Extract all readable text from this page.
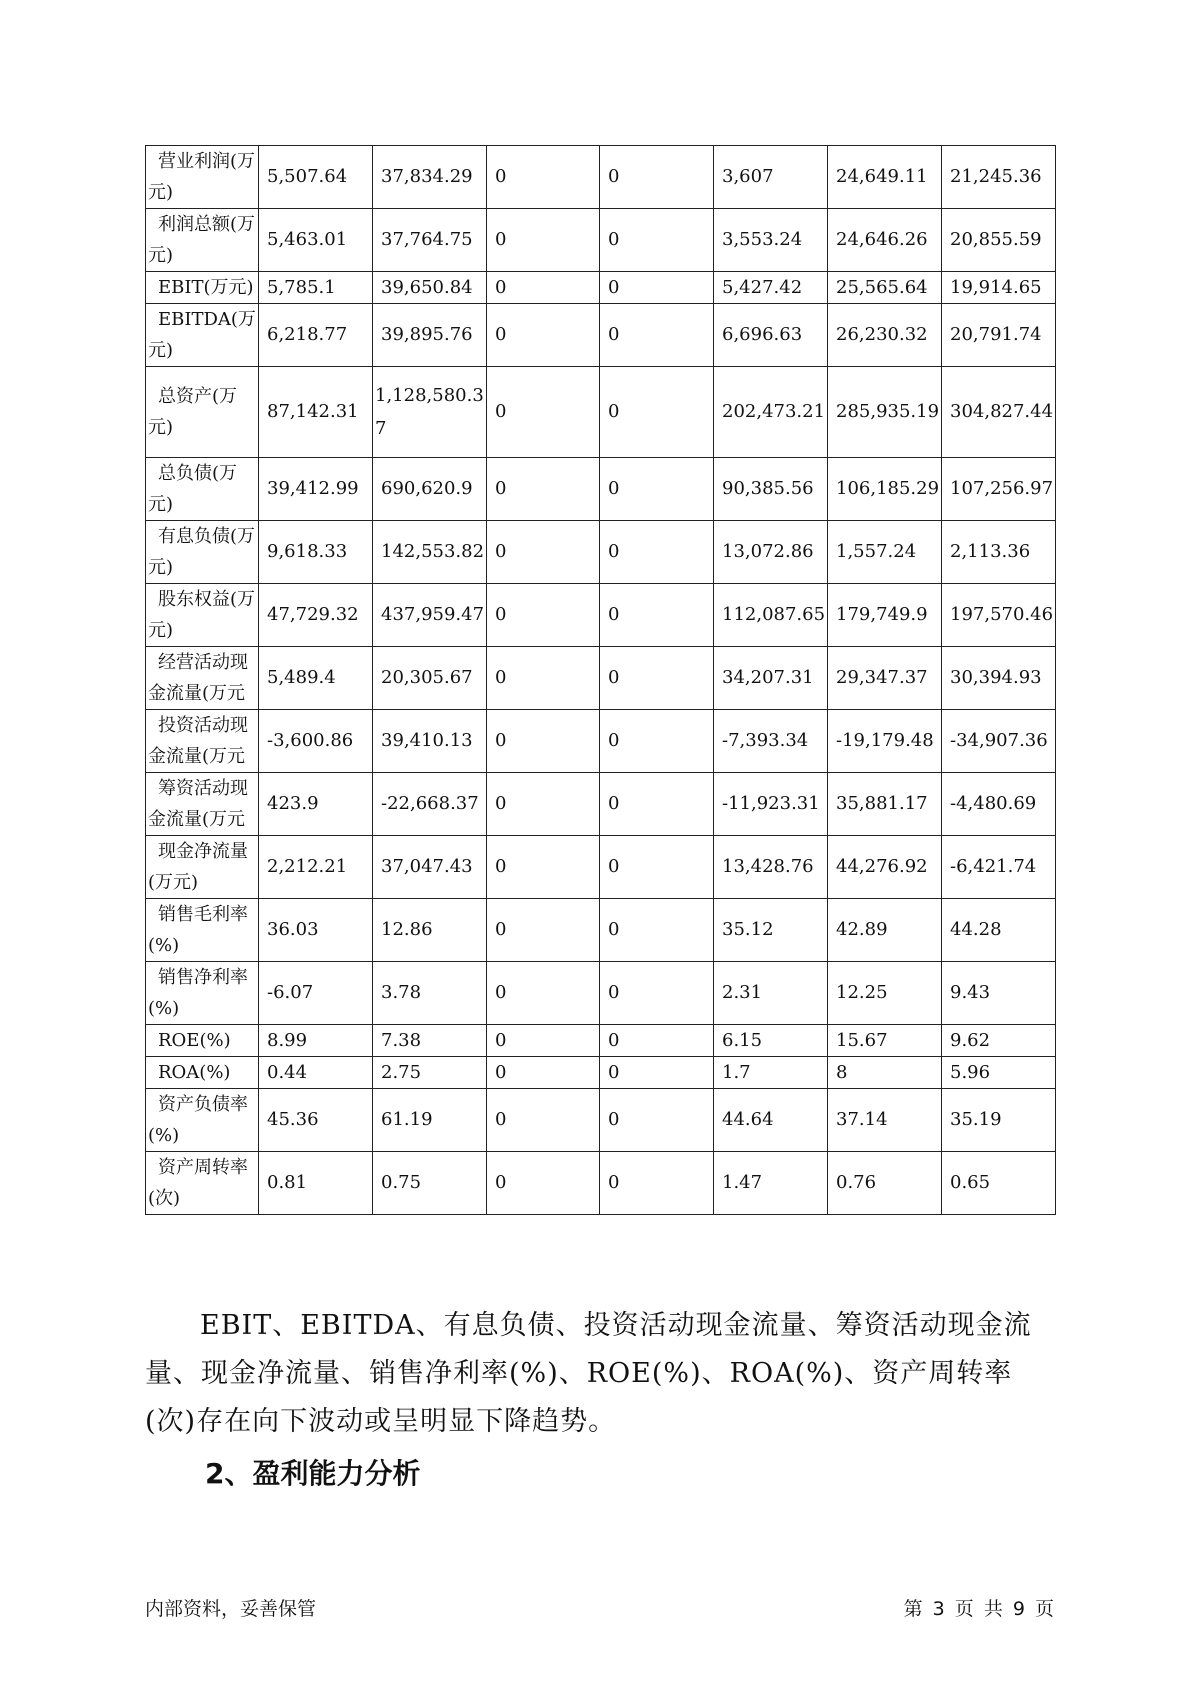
营业利润(万元)	5,507.64	37,834.29	0	0	3,607	24,649.11	21,245.36
利润总额(万元)	5,463.01	37,764.75	0	0	3,553.24	24,646.26	20,855.59
EBIT(万元)	5,785.1	39,650.84	0	0	5,427.42	25,565.64	19,914.65
EBITDA(万元)	6,218.77	39,895.76	0	0	6,696.63	26,230.32	20,791.74
总资产(万元)	87,142.31	1,128,580.37	0	0	202,473.21	285,935.19	304,827.44
总负债(万元)	39,412.99	690,620.9	0	0	90,385.56	106,185.29	107,256.97
有息负债(万元)	9,618.33	142,553.82	0	0	13,072.86	1,557.24	2,113.36
股东权益(万元)	47,729.32	437,959.47	0	0	112,087.65	179,749.9	197,570.46
经营活动现金流量(万元	5,489.4	20,305.67	0	0	34,207.31	29,347.37	30,394.93
投资活动现金流量(万元	-3,600.86	39,410.13	0	0	-7,393.34	-19,179.48	-34,907.36
筹资活动现金流量(万元	423.9	-22,668.37	0	0	-11,923.31	35,881.17	-4,480.69
现金净流量(万元)	2,212.21	37,047.43	0	0	13,428.76	44,276.92	-6,421.74
销售毛利率(%)	36.03	12.86	0	0	35.12	42.89	44.28
销售净利率(%)	-6.07	3.78	0	0	2.31	12.25	9.43
ROE(%)	8.99	7.38	0	0	6.15	15.67	9.62
ROA(%)	0.44	2.75	0	0	1.7	8	5.96
资产负债率(%)	45.36	61.19	0	0	44.64	37.14	35.19
资产周转率(次)	0.81	0.75	0	0	1.47	0.76	0.65
EBIT、EBITDA、有息负债、投资活动现金流量、筹资活动现金流量、现金净流量、销售净利率(%)、ROE(%)、ROA(%)、资产周转率(次)存在向下波动或呈明显下降趋势。
2、盈利能力分析
内部资料，妥善保管	第 3 页 共 9 页
